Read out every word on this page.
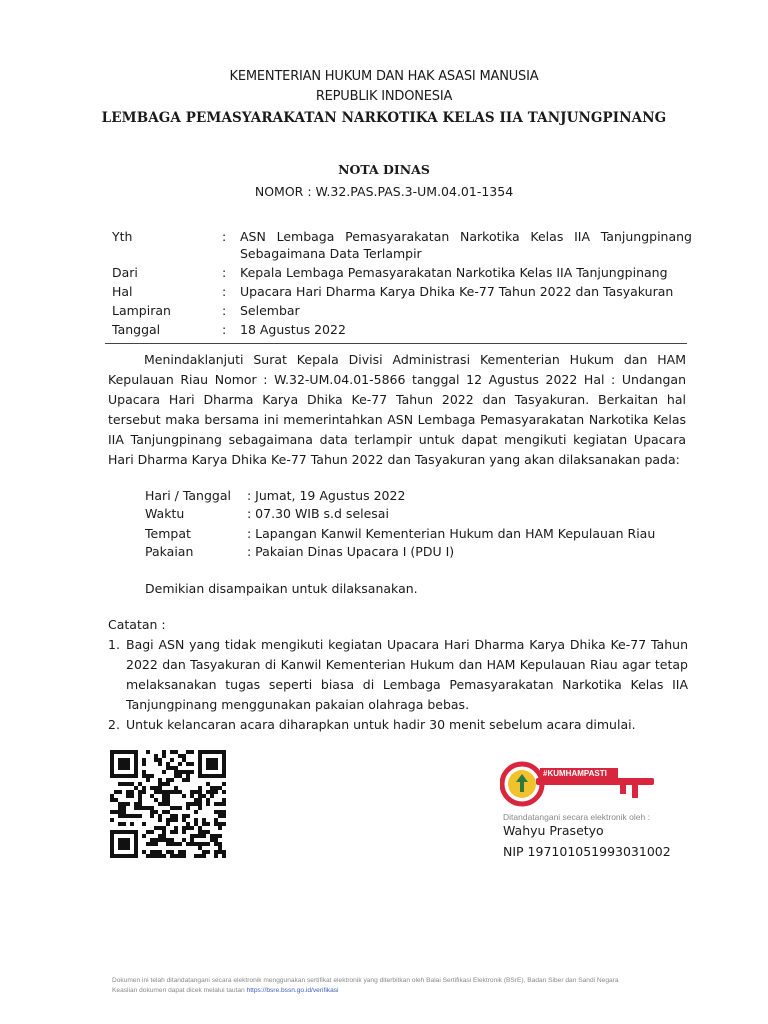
KEMENTERIAN HUKUM DAN HAK ASASI MANUSIA
REPUBLIK INDONESIA
LEMBAGA PEMASYARAKATAN NARKOTIKA KELAS IIA TANJUNGPINANG
NOTA DINAS
NOMOR : W.32.PAS.PAS.3-UM.04.01-1354
Yth	:	ASN Lembaga Pemasyarakatan Narkotika Kelas IIA Tanjungpinang Sebagaimana Data Terlampir
Dari	:	Kepala Lembaga Pemasyarakatan Narkotika Kelas IIA Tanjungpinang
Hal	:	Upacara Hari Dharma Karya Dhika Ke-77 Tahun 2022 dan Tasyakuran
Lampiran	:	Selembar
Tanggal	:	18 Agustus 2022
Menindaklanjuti Surat Kepala Divisi Administrasi Kementerian Hukum dan HAM Kepulauan Riau Nomor : W.32-UM.04.01-5866 tanggal 12 Agustus 2022 Hal : Undangan Upacara Hari Dharma Karya Dhika Ke-77 Tahun 2022 dan Tasyakuran. Berkaitan hal tersebut maka bersama ini memerintahkan ASN Lembaga Pemasyarakatan Narkotika Kelas IIA Tanjungpinang sebagaimana data terlampir untuk dapat mengikuti kegiatan Upacara Hari Dharma Karya Dhika Ke-77 Tahun 2022 dan Tasyakuran yang akan dilaksanakan pada:
Hari / Tanggal	: Jumat, 19 Agustus 2022
Waktu	: 07.30 WIB s.d selesai
Tempat	: Lapangan Kanwil Kementerian Hukum dan HAM Kepulauan Riau
Pakaian	: Pakaian Dinas Upacara I (PDU I)
Demikian disampaikan untuk dilaksanakan.
Catatan :
1. Bagi ASN yang tidak mengikuti kegiatan Upacara Hari Dharma Karya Dhika Ke-77 Tahun 2022 dan Tasyakuran di Kanwil Kementerian Hukum dan HAM Kepulauan Riau agar tetap melaksanakan tugas seperti biasa di Lembaga Pemasyarakatan Narkotika Kelas IIA Tanjungpinang menggunakan pakaian olahraga bebas.
2. Untuk kelancaran acara diharapkan untuk hadir 30 menit sebelum acara dimulai.
#KUMHAMPASTI
Ditandatangani secara elektronik oleh :
Wahyu Prasetyo
NIP 197101051993031002
Dokumen ini telah ditandatangani secara elektronik menggunakan sertifikat elektronik yang diterbitkan oleh Balai Sertifikasi Elektronik (BSrE), Badan Siber dan Sandi Negara
Keaslian dokumen dapat dicek melalui tautan https://bsre.bssn.go.id/verifikasi
